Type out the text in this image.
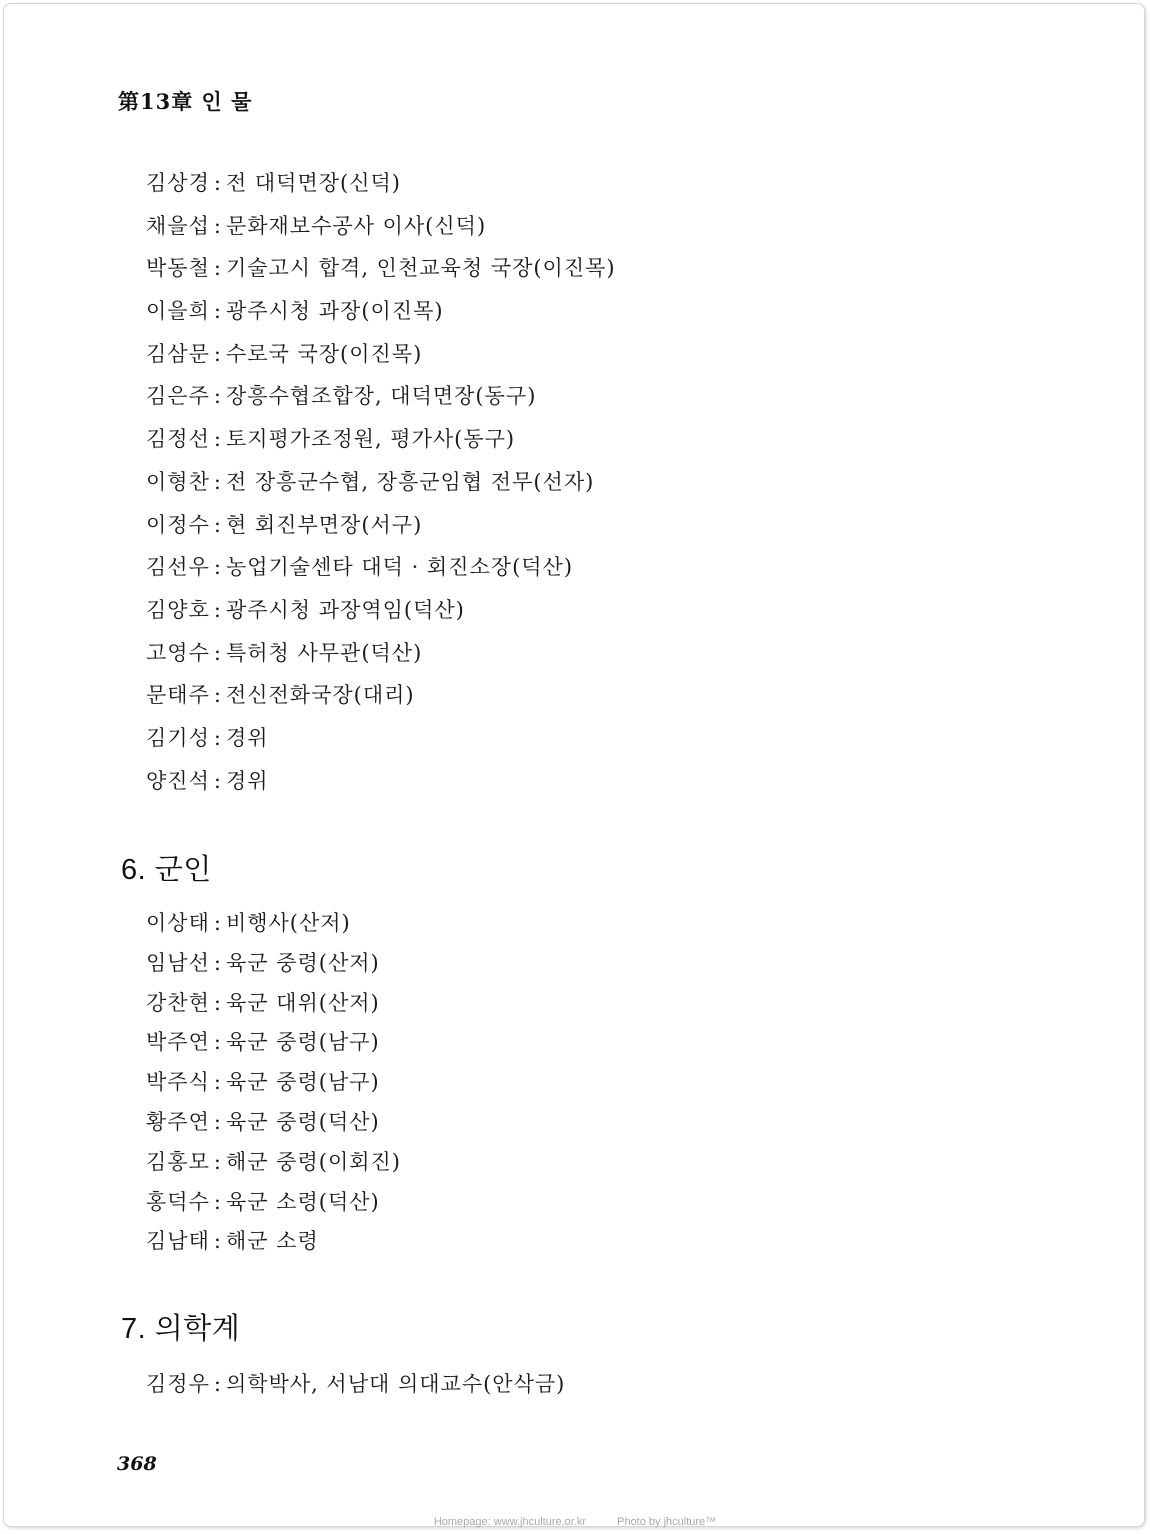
第13章 인 물
김상경 : 전 대덕면장(신덕)
채을섭 : 문화재보수공사 이사(신덕)
박동철 : 기술고시 합격, 인천교육청 국장(이진목)
이을희 : 광주시청 과장(이진목)
김삼문 : 수로국 국장(이진목)
김은주 : 장흥수협조합장, 대덕면장(동구)
김정선 : 토지평가조정원, 평가사(동구)
이형찬 : 전 장흥군수협, 장흥군임협 전무(선자)
이정수 : 현 회진부면장(서구)
김선우 : 농업기술센타 대덕 · 회진소장(덕산)
김양호 : 광주시청 과장역임(덕산)
고영수 : 특허청 사무관(덕산)
문태주 : 전신전화국장(대리)
김기성 : 경위
양진석 : 경위
6. 군인
이상태 : 비행사(산저)
임남선 : 육군 중령(산저)
강찬현 : 육군 대위(산저)
박주연 : 육군 중령(남구)
박주식 : 육군 중령(남구)
황주연 : 육군 중령(덕산)
김홍모 : 해군 중령(이회진)
홍덕수 : 육군 소령(덕산)
김남태 : 해군 소령
7. 의학계
김정우 : 의학박사, 서남대 의대교수(안삭금)
368
Homepage: www.jhculture.or.kr	Photo by jhculture™
